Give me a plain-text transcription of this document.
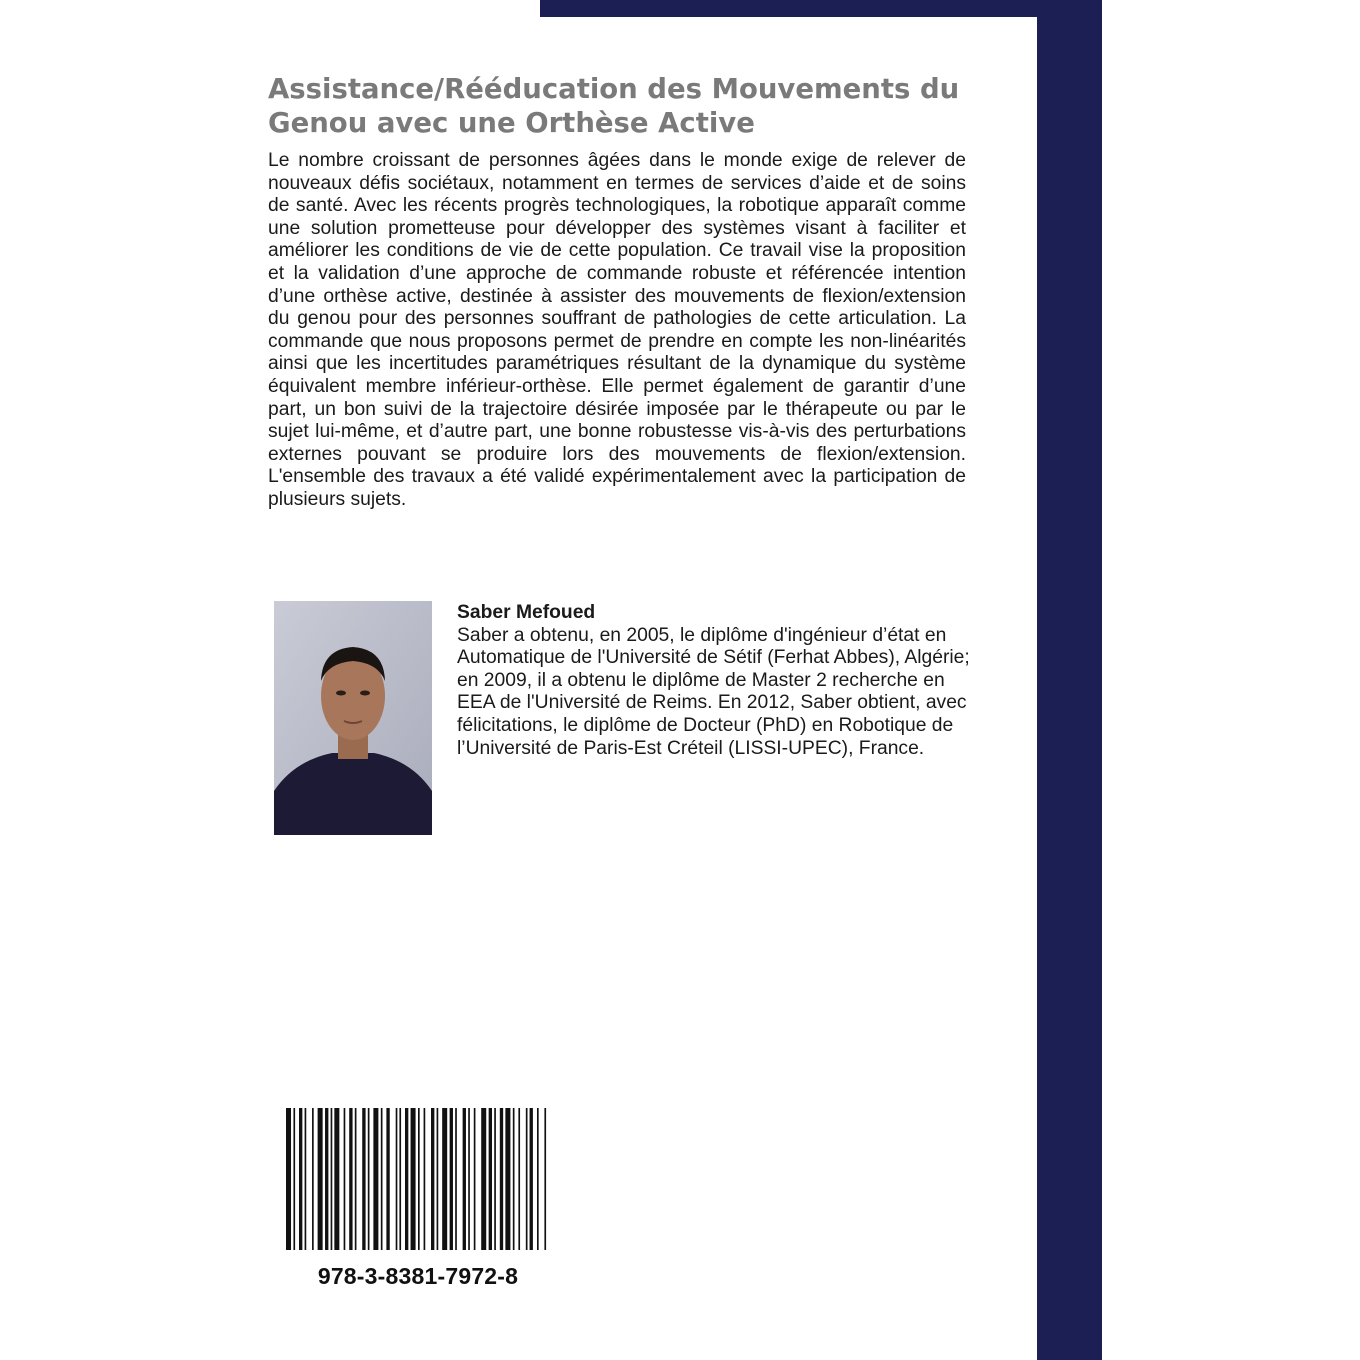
Assistance/Rééducation des Mouvements du Genou avec une Orthèse Active

Le nombre croissant de personnes âgées dans le monde exige de relever de nouveaux défis sociétaux, notamment en termes de services d’aide et de soins de santé. Avec les récents progrès technologiques, la robotique apparaît comme une solution prometteuse pour développer des systèmes visant à faciliter et améliorer les conditions de vie de cette population. Ce travail vise la proposition et la validation d’une approche de commande robuste et référencée intention d’une orthèse active, destinée à assister des mouvements de flexion/extension du genou pour des personnes souffrant de pathologies de cette articulation. La commande que nous proposons permet de prendre en compte les non-linéarités ainsi que les incertitudes paramétriques résultant de la dynamique du système équivalent membre inférieur-orthèse. Elle permet également de garantir d’une part, un bon suivi de la trajectoire désirée imposée par le thérapeute ou par le sujet lui-même, et d’autre part, une bonne robustesse vis-à-vis des perturbations externes pouvant se produire lors des mouvements de flexion/extension. L'ensemble des travaux a été validé expérimentalement avec la participation de plusieurs sujets.

Saber Mefoued

Saber a obtenu, en 2005, le diplôme d'ingénieur d’état en Automatique de l'Université de Sétif (Ferhat Abbes), Algérie; en 2009, il a obtenu le diplôme de Master 2 recherche en EEA de l'Université de Reims. En 2012, Saber obtient, avec félicitations, le diplôme de Docteur (PhD) en Robotique de l’Université de Paris-Est Créteil (LISSI-UPEC), France.

978-3-8381-7972-8
